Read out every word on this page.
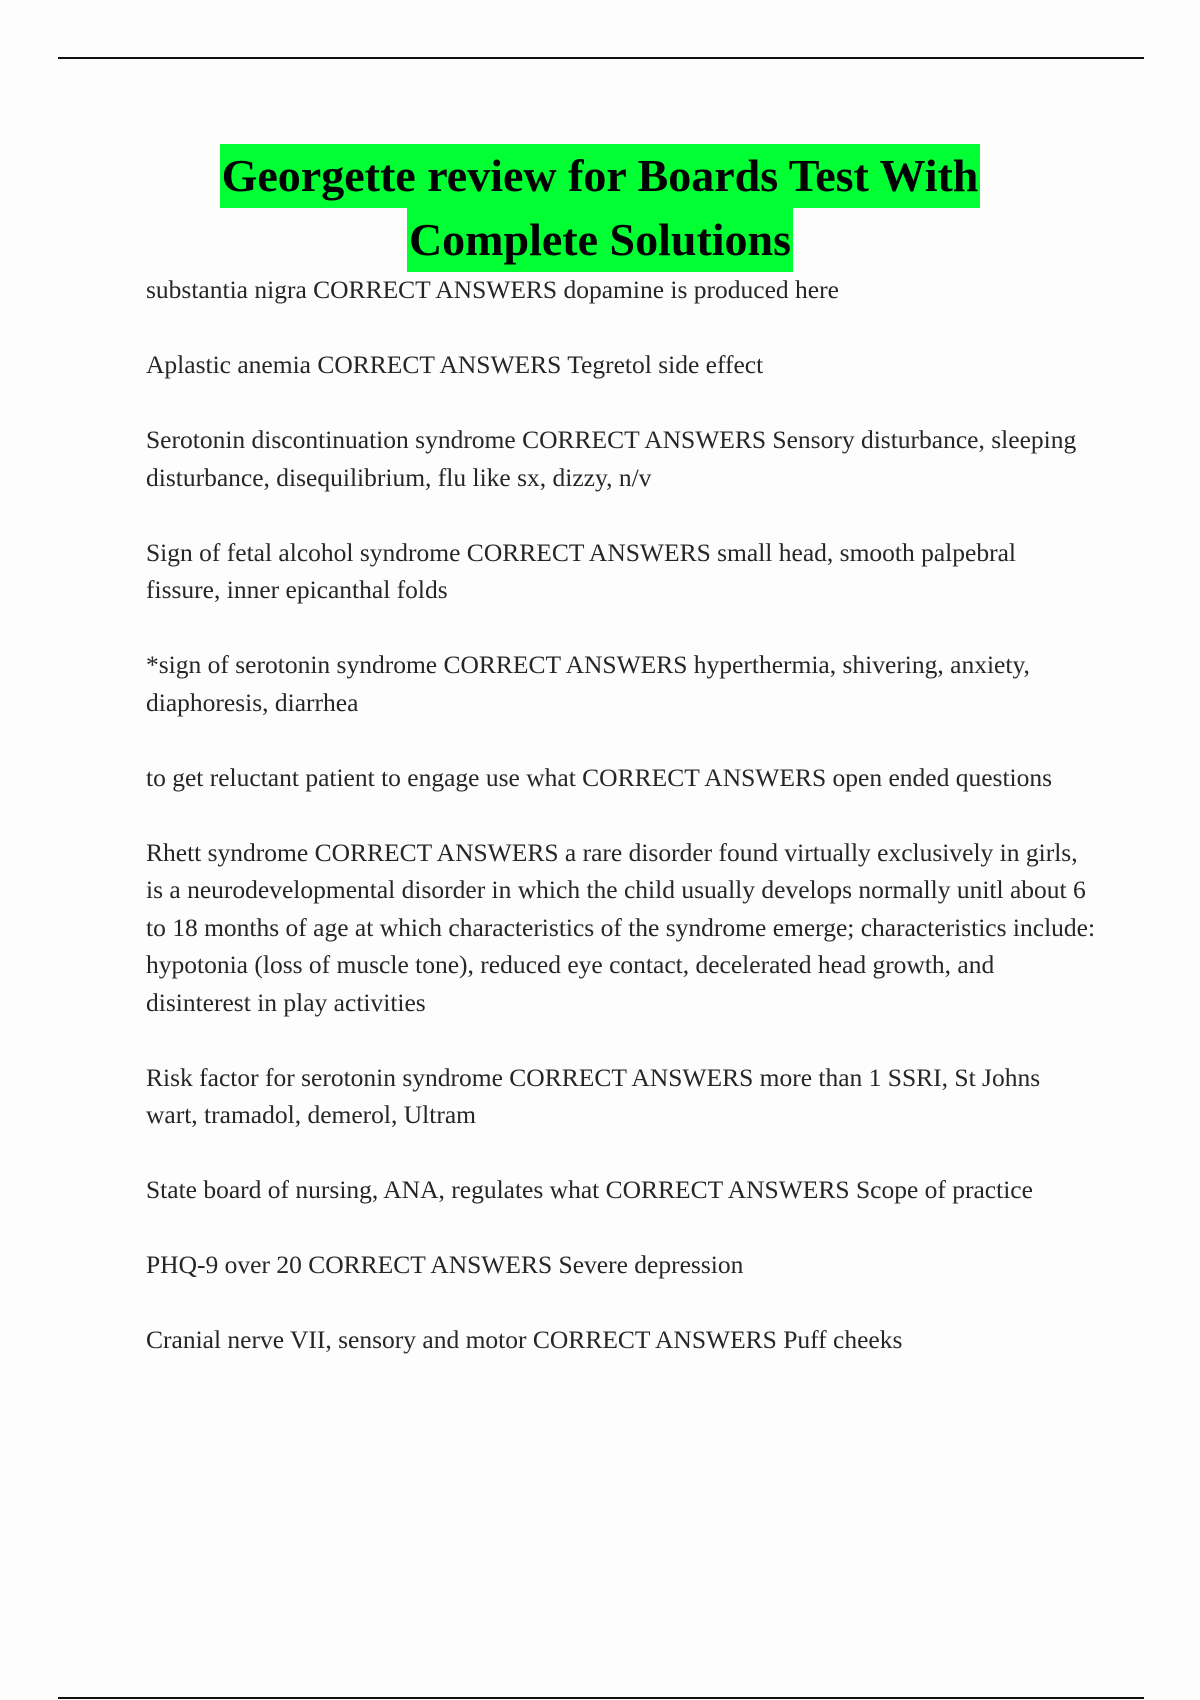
Georgette review for Boards Test With
Complete Solutions

substantia nigra CORRECT ANSWERS dopamine is produced here

Aplastic anemia CORRECT ANSWERS Tegretol side effect

Serotonin discontinuation syndrome CORRECT ANSWERS Sensory disturbance, sleeping disturbance, disequilibrium, flu like sx, dizzy, n/v

Sign of fetal alcohol syndrome CORRECT ANSWERS small head, smooth palpebral fissure, inner epicanthal folds

*sign of serotonin syndrome CORRECT ANSWERS hyperthermia, shivering, anxiety, diaphoresis, diarrhea

to get reluctant patient to engage use what CORRECT ANSWERS open ended questions

Rhett syndrome CORRECT ANSWERS a rare disorder found virtually exclusively in girls, is a neurodevelopmental disorder in which the child usually develops normally unitl about 6 to 18 months of age at which characteristics of the syndrome emerge; characteristics include: hypotonia (loss of muscle tone), reduced eye contact, decelerated head growth, and disinterest in play activities

Risk factor for serotonin syndrome CORRECT ANSWERS more than 1 SSRI, St Johns wart, tramadol, demerol, Ultram

State board of nursing, ANA, regulates what CORRECT ANSWERS Scope of practice

PHQ-9 over 20 CORRECT ANSWERS Severe depression

Cranial nerve VII, sensory and motor CORRECT ANSWERS Puff cheeks
